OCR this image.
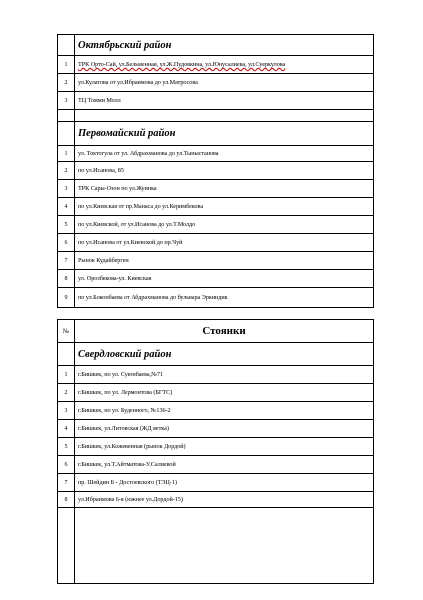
	Октябрьский район
1	ТРК Орто-Сай, ул.Бельменная, ул.Ж.Пудовкина, ул.Юнусалиева, ул.Суеркулова
2	ул.Кулатова от ул.Ибраимова до ул.Матросова
3	ТЦ Томми Молл

	Первомайский район
1	ул. Токтогула от ул. Абдрахманова до ул.Тыныстанова
2	по ул.Исанова, 85
3	ТРК Сары-Озон по ул.Жуинка
4	по ул.Киевская от пр.Манаса до ул.Керимбекова
5	по ул.Киевской, от ул.Исанова до ул.Т.Молдо
6	по ул.Исанова от ул.Киевской до пр.Чуй
7	Рынок Кудайберген
8	ул. Орозбекова-ул. Киевская
9	по ул.Боконбаева от Абдрахманова до бульвара Эркиндик
№	Стоянки
	Свердловский район
1	г.Бишкек, по ул. Суюнбаева,№71
2	г.Бишкек, по ул. Лермонтова (БГТС)
3	г.Бишкек, по ул. Буденного, №136-2
4	г.Бишкек, ул.Литовская (ЖД ветка)
5	г.Бишкек, ул.Кожевенная (рынок Дордой)
6	г.Бишкек, ул.Т.Айтматова-У.Салиевой
7	пр. Шейдин Б - Достоевского (ТЭЦ-1)
8	ул.Ибраимова 6-я (южнее ул.Дордой-15)
